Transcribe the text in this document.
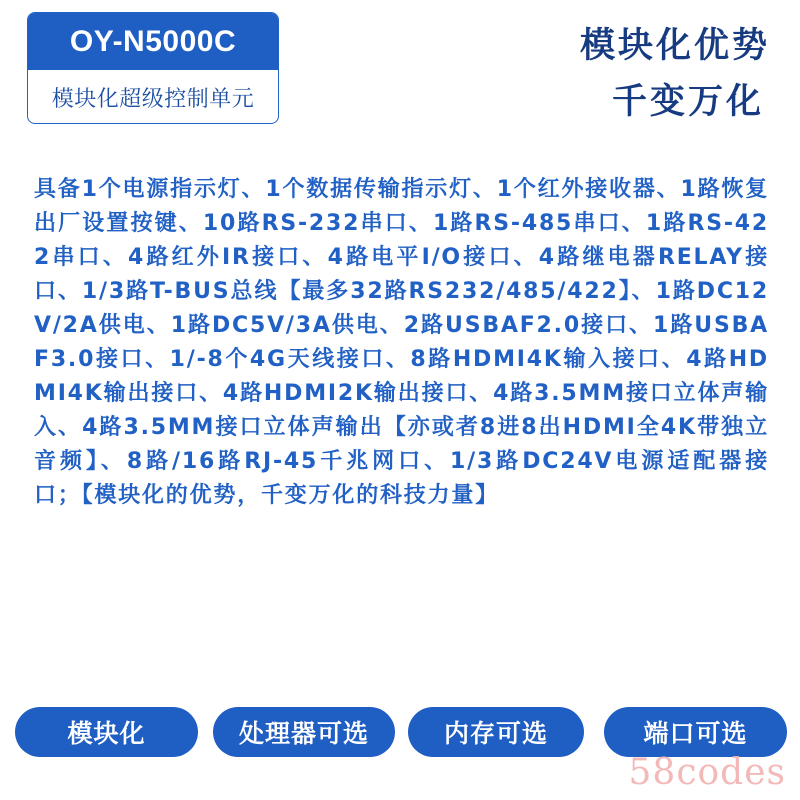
OY-N5000C
模块化超级控制单元
模块化优势
千变万化
具备1个电源指示灯、1个数据传输指示灯、1个红外接收器、1路恢复出厂设置按键、10路RS-232串口、1路RS-485串口、1路RS-422串口、4路红外IR接口、4路电平I/O接口、4路继电器RELAY接口、1/3路T-BUS总线【最多32路RS232/485/422】、1路DC12V/2A供电、1路DC5V/3A供电、2路USBAF2.0接口、1路USBAF3.0接口、1/-8个4G天线接口、8路HDMI4K输入接口、4路HDMI4K输出接口、4路HDMI2K输出接口、4路3.5MM接口立体声输入、4路3.5MM接口立体声输出【亦或者8进8出HDMI全4K带独立音频】、8路/16路RJ-45千兆网口、1/3路DC24V电源适配器接口；【模块化的优势，千变万化的科技力量】
模块化	处理器可选	内存可选	端口可选
58codes
